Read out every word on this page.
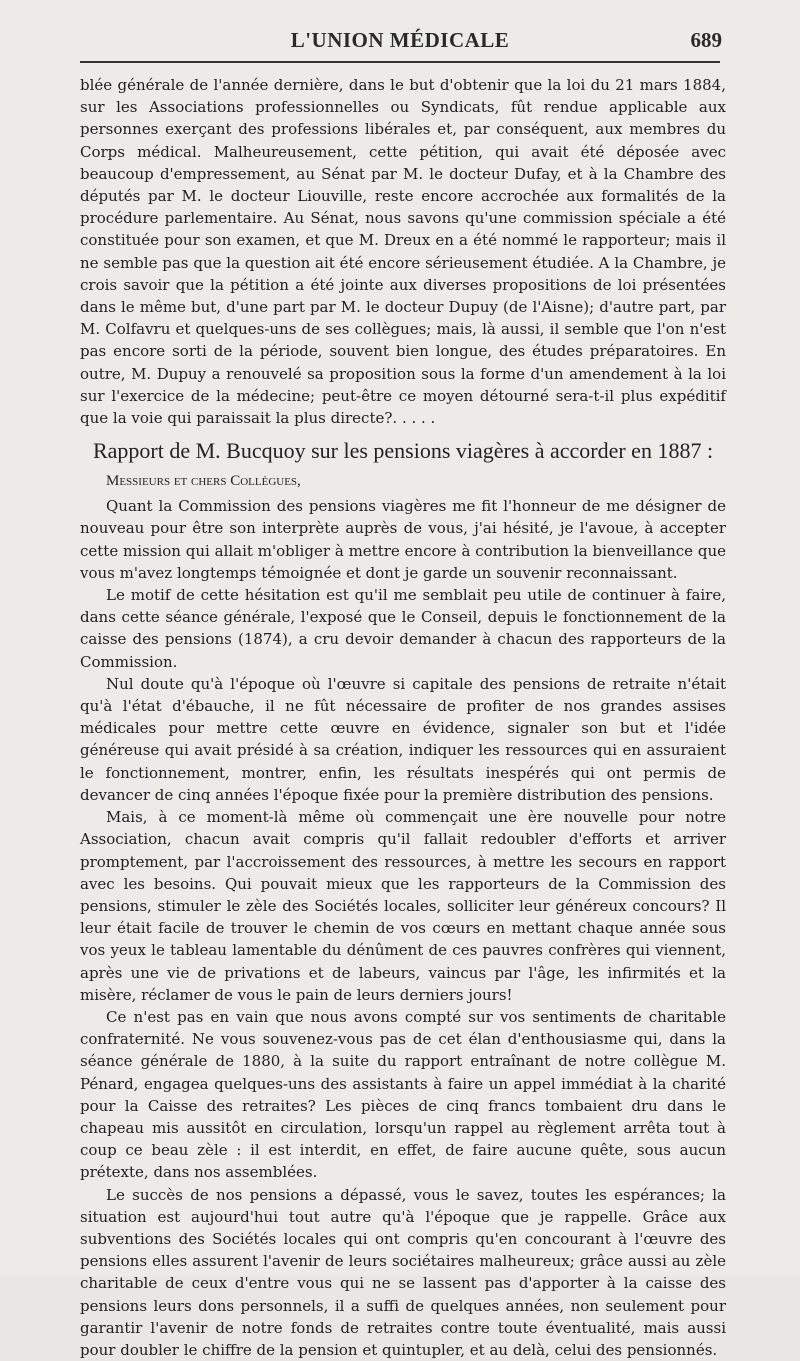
L'UNION MÉDICALE	689

blée générale de l'année dernière, dans le but d'obtenir que la loi du 21 mars 1884, sur les Associations professionnelles ou Syndicats, fût rendue applicable aux personnes exerçant des professions libérales et, par conséquent, aux membres du Corps médical. Malheureusement, cette pétition, qui avait été déposée avec beaucoup d'empressement, au Sénat par M. le docteur Dufay, et à la Chambre des députés par M. le docteur Liouville, reste encore accrochée aux formalités de la procédure parlementaire. Au Sénat, nous savons qu'une commission spéciale a été constituée pour son examen, et que M. Dreux en a été nommé le rapporteur; mais il ne semble pas que la question ait été encore sérieusement étudiée. A la Chambre, je crois savoir que la pétition a été jointe aux diverses propositions de loi présentées dans le même but, d'une part par M. le docteur Dupuy (de l'Aisne); d'autre part, par M. Colfavru et quelques-uns de ses collègues; mais, là aussi, il semble que l'on n'est pas encore sorti de la période, souvent bien longue, des études préparatoires. En outre, M. Dupuy a renouvelé sa proposition sous la forme d'un amendement à la loi sur l'exercice de la médecine; peut-être ce moyen détourné sera-t-il plus expéditif que la voie qui paraissait la plus directe?. . . . .

Rapport de M. Bucquoy sur les pensions viagères à accorder en 1887 :
Messieurs et chers Collègues,

Quant la Commission des pensions viagères me fit l'honneur de me désigner de nouveau pour être son interprète auprès de vous, j'ai hésité, je l'avoue, à accepter cette mission qui allait m'obliger à mettre encore à contribution la bienveillance que vous m'avez longtemps témoignée et dont je garde un souvenir reconnaissant.

Le motif de cette hésitation est qu'il me semblait peu utile de continuer à faire, dans cette séance générale, l'exposé que le Conseil, depuis le fonctionnement de la caisse des pensions (1874), a cru devoir demander à chacun des rapporteurs de la Commission.

Nul doute qu'à l'époque où l'œuvre si capitale des pensions de retraite n'était qu'à l'état d'ébauche, il ne fût nécessaire de profiter de nos grandes assises médicales pour mettre cette œuvre en évidence, signaler son but et l'idée généreuse qui avait présidé à sa création, indiquer les ressources qui en assuraient le fonctionnement, montrer, enfin, les résultats inespérés qui ont permis de devancer de cinq années l'époque fixée pour la première distribution des pensions.

Mais, à ce moment-là même où commençait une ère nouvelle pour notre Association, chacun avait compris qu'il fallait redoubler d'efforts et arriver promptement, par l'accroissement des ressources, à mettre les secours en rapport avec les besoins. Qui pouvait mieux que les rapporteurs de la Commission des pensions, stimuler le zèle des Sociétés locales, solliciter leur généreux concours? Il leur était facile de trouver le chemin de vos cœurs en mettant chaque année sous vos yeux le tableau lamentable du dénûment de ces pauvres confrères qui viennent, après une vie de privations et de labeurs, vaincus par l'âge, les infirmités et la misère, réclamer de vous le pain de leurs derniers jours!

Ce n'est pas en vain que nous avons compté sur vos sentiments de charitable confraternité. Ne vous souvenez-vous pas de cet élan d'enthousiasme qui, dans la séance générale de 1880, à la suite du rapport entraînant de notre collègue M. Pénard, engagea quelques-uns des assistants à faire un appel immédiat à la charité pour la Caisse des retraites? Les pièces de cinq francs tombaient dru dans le chapeau mis aussitôt en circulation, lorsqu'un rappel au règlement arrêta tout à coup ce beau zèle : il est interdit, en effet, de faire aucune quête, sous aucun prétexte, dans nos assemblées.

Le succès de nos pensions a dépassé, vous le savez, toutes les espérances; la situation est aujourd'hui tout autre qu'à l'époque que je rappelle. Grâce aux subventions des Sociétés locales qui ont compris qu'en concourant à l'œuvre des pensions elles assurent l'avenir de leurs sociétaires malheureux; grâce aussi au zèle charitable de ceux d'entre vous qui ne se lassent pas d'apporter à la caisse des pensions leurs dons personnels, il a suffi de quelques années, non seulement pour garantir l'avenir de notre fonds de retraites contre toute éventualité, mais aussi pour doubler le chiffre de la pension et quintupler, et au delà, celui des pensionnés.
